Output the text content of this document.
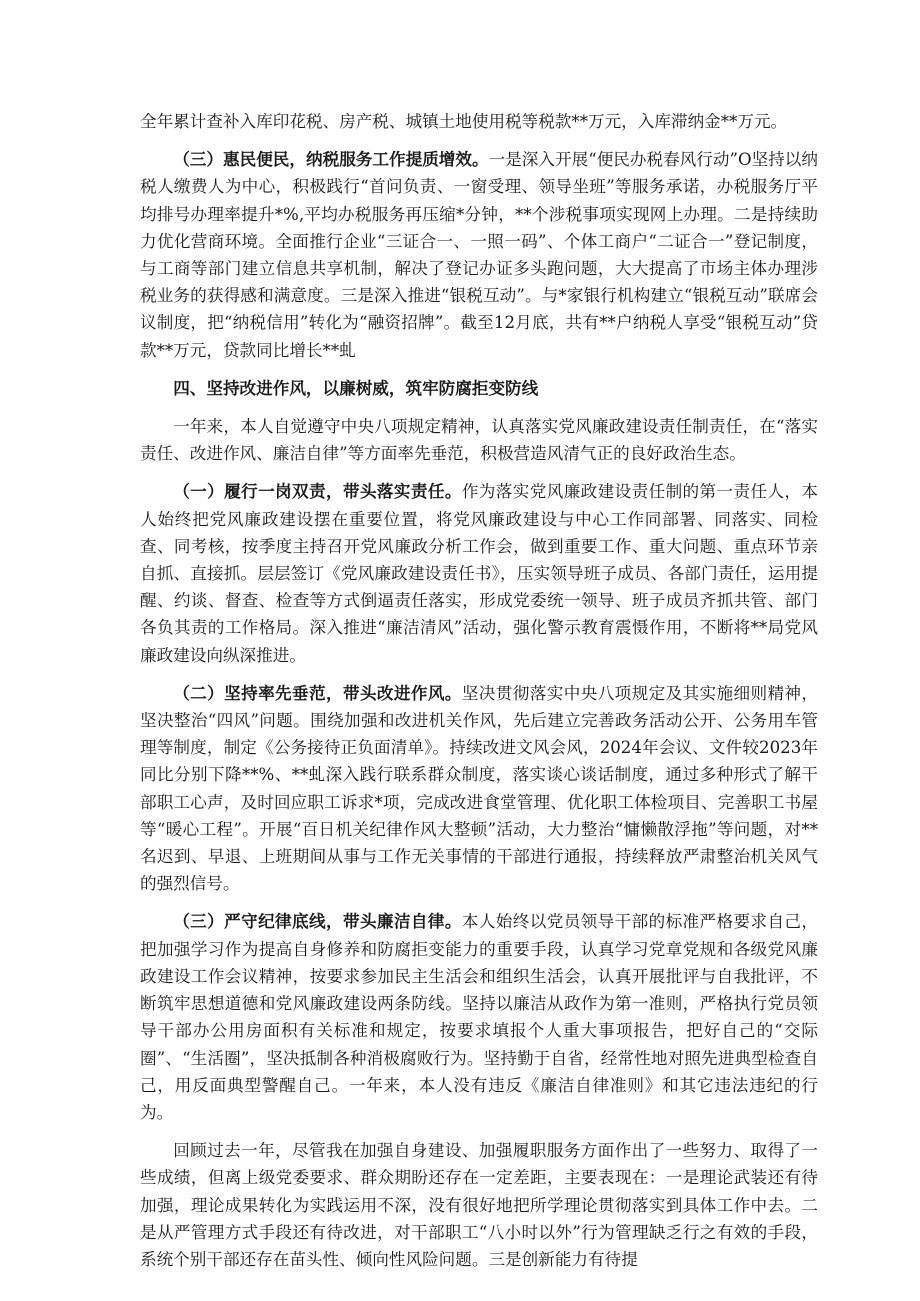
全年累计查补入库印花税、房产税、城镇土地使用税等税款**万元，入库滞纳金**万元。

（三）惠民便民，纳税服务工作提质增效。一是深入开展“便民办税春风行动”O坚持以纳税人缴费人为中心，积极践行“首问负责、一窗受理、领导坐班”等服务承诺，办税服务厅平均排号办理率提升*%,平均办税服务再压缩*分钟，**个涉税事项实现网上办理。二是持续助力优化营商环境。全面推行企业“三证合一、一照一码”、个体工商户“二证合一”登记制度，与工商等部门建立信息共享机制，解决了登记办证多头跑问题，大大提高了市场主体办理涉税业务的获得感和满意度。三是深入推进“银税互动”。与*家银行机构建立“银税互动”联席会议制度，把“纳税信用”转化为“融资招牌”。截至12月底，共有**户纳税人享受“银税互动”贷款**万元，贷款同比增长**虬

四、坚持改进作风，以廉树威，筑牢防腐拒变防线

一年来，本人自觉遵守中央八项规定精神，认真落实党风廉政建设责任制责任，在“落实责任、改进作风、廉洁自律”等方面率先垂范，积极营造风清气正的良好政治生态。

（一）履行一岗双责，带头落实责任。作为落实党风廉政建设责任制的第一责任人，本人始终把党风廉政建设摆在重要位置，将党风廉政建设与中心工作同部署、同落实、同检查、同考核，按季度主持召开党风廉政分析工作会，做到重要工作、重大问题、重点环节亲自抓、直接抓。层层签订《党风廉政建设责任书》，压实领导班子成员、各部门责任，运用提醒、约谈、督查、检查等方式倒逼责任落实，形成党委统一领导、班子成员齐抓共管、部门各负其责的工作格局。深入推进“廉洁清风”活动，强化警示教育震慑作用，不断将**局党风廉政建设向纵深推进。

（二）坚持率先垂范，带头改进作风。坚决贯彻落实中央八项规定及其实施细则精神，坚决整治“四风”问题。围绕加强和改进机关作风，先后建立完善政务活动公开、公务用车管理等制度，制定《公务接待正负面清单》。持续改进文风会风，2024年会议、文件较2023年同比分别下降**%、**虬深入践行联系群众制度，落实谈心谈话制度，通过多种形式了解干部职工心声，及时回应职工诉求*项，完成改进食堂管理、优化职工体检项目、完善职工书屋等“暖心工程”。开展“百日机关纪律作风大整顿”活动，大力整治“慵懒散浮拖”等问题，对**名迟到、早退、上班期间从事与工作无关事情的干部进行通报，持续释放严肃整治机关风气的强烈信号。

（三）严守纪律底线，带头廉洁自律。本人始终以党员领导干部的标准严格要求自己，把加强学习作为提高自身修养和防腐拒变能力的重要手段，认真学习党章党规和各级党风廉政建设工作会议精神，按要求参加民主生活会和组织生活会，认真开展批评与自我批评，不断筑牢思想道德和党风廉政建设两条防线。坚持以廉洁从政作为第一准则，严格执行党员领导干部办公用房面积有关标准和规定，按要求填报个人重大事项报告，把好自己的“交际圈”、“生活圈”，坚决抵制各种消极腐败行为。坚持勤于自省，经常性地对照先进典型检查自己，用反面典型警醒自己。一年来，本人没有违反《廉洁自律准则》和其它违法违纪的行为。

回顾过去一年，尽管我在加强自身建设、加强履职服务方面作出了一些努力、取得了一些成绩，但离上级党委要求、群众期盼还存在一定差距，主要表现在：一是理论武装还有待加强，理论成果转化为实践运用不深，没有很好地把所学理论贯彻落实到具体工作中去。二是从严管理方式手段还有待改进，对干部职工“八小时以外”行为管理缺乏行之有效的手段，系统个别干部还存在苗头性、倾向性风险问题。三是创新能力有待提
